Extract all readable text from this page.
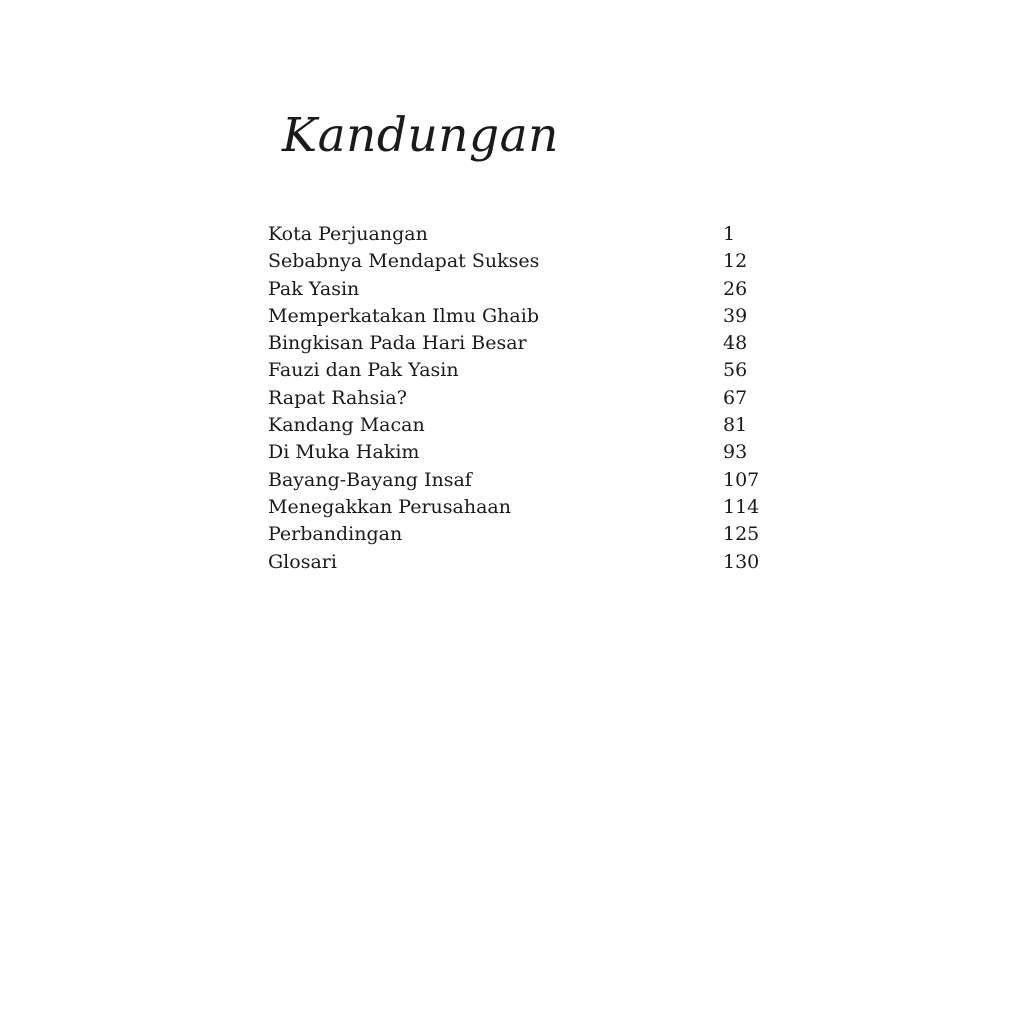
Kandungan
Kota Perjuangan	1
Sebabnya Mendapat Sukses	12
Pak Yasin	26
Memperkatakan Ilmu Ghaib	39
Bingkisan Pada Hari Besar	48
Fauzi dan Pak Yasin	56
Rapat Rahsia?	67
Kandang Macan	81
Di Muka Hakim	93
Bayang-Bayang Insaf	107
Menegakkan Perusahaan	114
Perbandingan	125
Glosari	130
